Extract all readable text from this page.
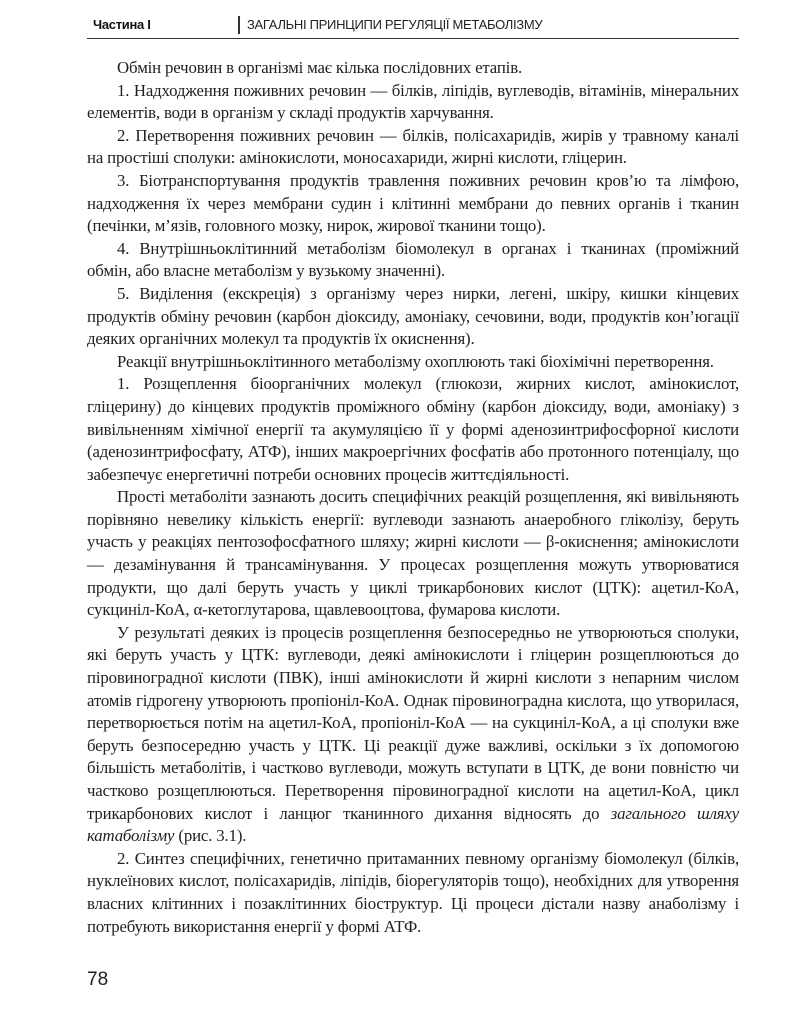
Частина I	ЗАГАЛЬНІ ПРИНЦИПИ РЕГУЛЯЦІЇ МЕТАБОЛІЗМУ

Обмін речовин в організмі має кілька послідовних етапів.

1. Надходження поживних речовин — білків, ліпідів, вуглеводів, вітамінів, мінеральних елементів, води в організм у складі продуктів харчування.

2. Перетворення поживних речовин — білків, полісахаридів, жирів у травному каналі на простіші сполуки: амінокислоти, моносахариди, жирні кислоти, гліцерин.

3. Біотранспортування продуктів травлення поживних речовин кров’ю та лімфою, надходження їх через мембрани судин і клітинні мембрани до певних органів і тканин (печінки, м’язів, головного мозку, нирок, жирової тканини тощо).

4. Внутрішньоклітинний метаболізм біомолекул в органах і тканинах (проміжний обмін, або власне метаболізм у вузькому значенні).

5. Виділення (екскреція) з організму через нирки, легені, шкіру, кишки кінцевих продуктів обміну речовин (карбон діоксиду, амоніаку, сечовини, води, продуктів кон’югації деяких органічних молекул та продуктів їх окиснення).

Реакції внутрішньоклітинного метаболізму охоплюють такі біохімічні перетворення.

1. Розщеплення біоорганічних молекул (глюкози, жирних кислот, амінокислот, гліцерину) до кінцевих продуктів проміжного обміну (карбон діоксиду, води, амоніаку) з вивільненням хімічної енергії та акумуляцією її у формі аденозинтрифосфорної кислоти (аденозинтрифосфату, АТФ), інших макроергічних фосфатів або протонного потенціалу, що забезпечує енергетичні потреби основних процесів життєдіяльності.

Прості метаболіти зазнають досить специфічних реакцій розщеплення, які вивільняють порівняно невелику кількість енергії: вуглеводи зазнають анаеробного гліколізу, беруть участь у реакціях пентозофосфатного шляху; жирні кислоти — β-окиснення; амінокислоти — дезамінування й трансамінування. У процесах розщеплення можуть утворюватися продукти, що далі беруть участь у циклі трикарбонових кислот (ЦТК): ацетил-КоА, сукциніл-КоА, α-кетоглутарова, щавлевооцтова, фумарова кислоти.

У результаті деяких із процесів розщеплення безпосередньо не утворюються сполуки, які беруть участь у ЦТК: вуглеводи, деякі амінокислоти і гліцерин розщеплюються до піровиноградної кислоти (ПВК), інші амінокислоти й жирні кислоти з непарним числом атомів гідрогену утворюють пропіоніл-КоА. Однак піровиноградна кислота, що утворилася, перетворюється потім на ацетил-КоА, пропіоніл-КоА — на сукциніл-КоА, а ці сполуки вже беруть безпосередню участь у ЦТК. Ці реакції дуже важливі, оскільки з їх допомогою більшість метаболітів, і частково вуглеводи, можуть вступати в ЦТК, де вони повністю чи частково розщеплюються. Перетворення піровиноградної кислоти на ацетил-КоА, цикл трикарбонових кислот і ланцюг тканинного дихання відносять до загального шляху катаболізму (рис. 3.1).

2. Синтез специфічних, генетично притаманних певному організму біомолекул (білків, нуклеїнових кислот, полісахаридів, ліпідів, біорегуляторів тощо), необхідних для утворення власних клітинних і позаклітинних біоструктур. Ці процеси дістали назву анаболізму і потребують використання енергії у формі АТФ.

78
